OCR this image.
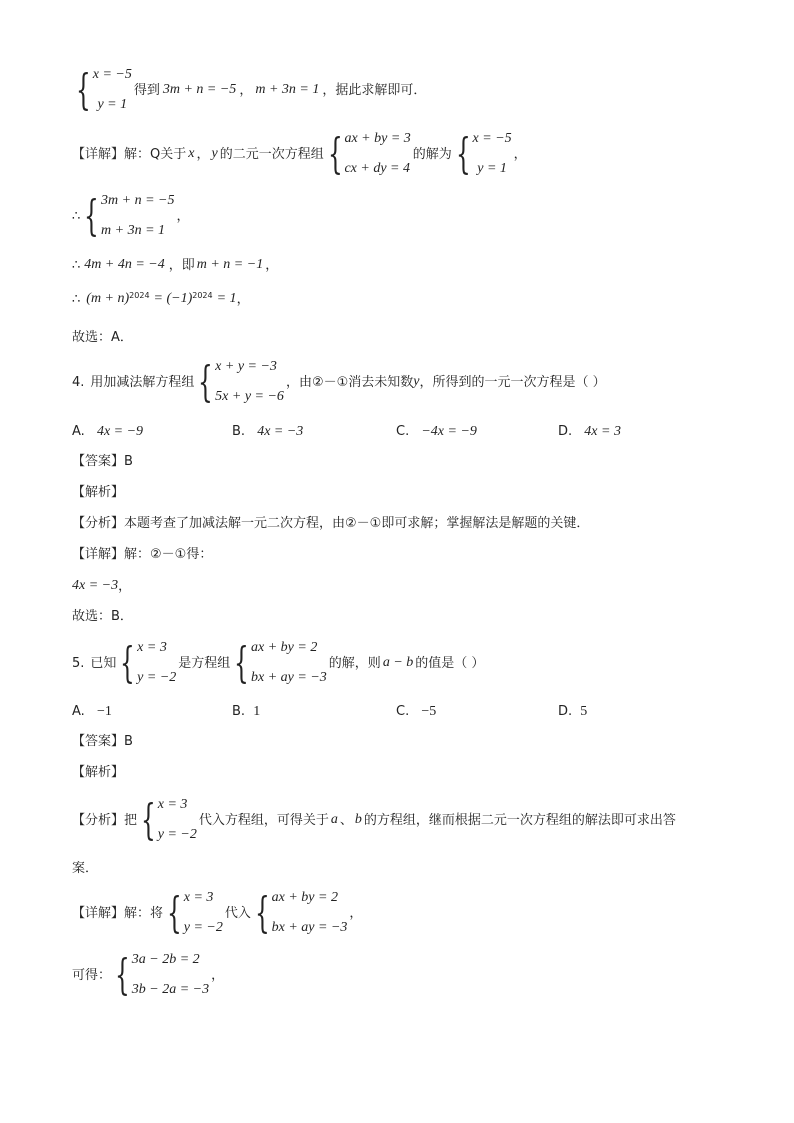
{ x = −5
y = 1
得到 3m + n = −5 ， m + 3n = 1 ，据此求解即可．
【详解】 解：Q关于 x ， y 的二元一次方程组 { ax + by = 3
cx + dy = 4
的解为 { x = −5
y = 1
，
∴ { 3m + n = −5
m + 3n = 1
，
∴ 4m + 4n = −4 ，即 m + n = −1 ，
∴ (m + n) 2024 = (−1) 2024 = 1 ，
故选：A．
4. 用加减法解方程组 { x + y = −3
5x + y = −6
，由②－①消去未知数 y ，所得到的一元一次方程是（ ）
A. 4x = −9	B. 4x = −3	C. −4x = −9	D. 4x = 3
【答案】 B
【解析】
【分析】 本题考查了加减法解一元二次方程，由②－①即可求解；掌握解法是解题的关键．
【详解】 解：②－①得：
4x = −3 ，
故选：B．
5. 已知 { x = 3
y = −2
是方程组 { ax + by = 2
bx + ay = −3
的解，则 a − b 的值是（ ）
A. −1	B. 1	C. −5	D. 5
【答案】 B
【解析】
【分析】 把 { x = 3
y = −2
代入方程组，可得关于 a 、 b 的方程组，继而根据二元一次方程组的解法即可求出答
案．
【详解】 解：将 { x = 3
y = −2
代入 { ax + by = 2
bx + ay = −3
，
可得： { 3a − 2b = 2
3b − 2a = −3
，
